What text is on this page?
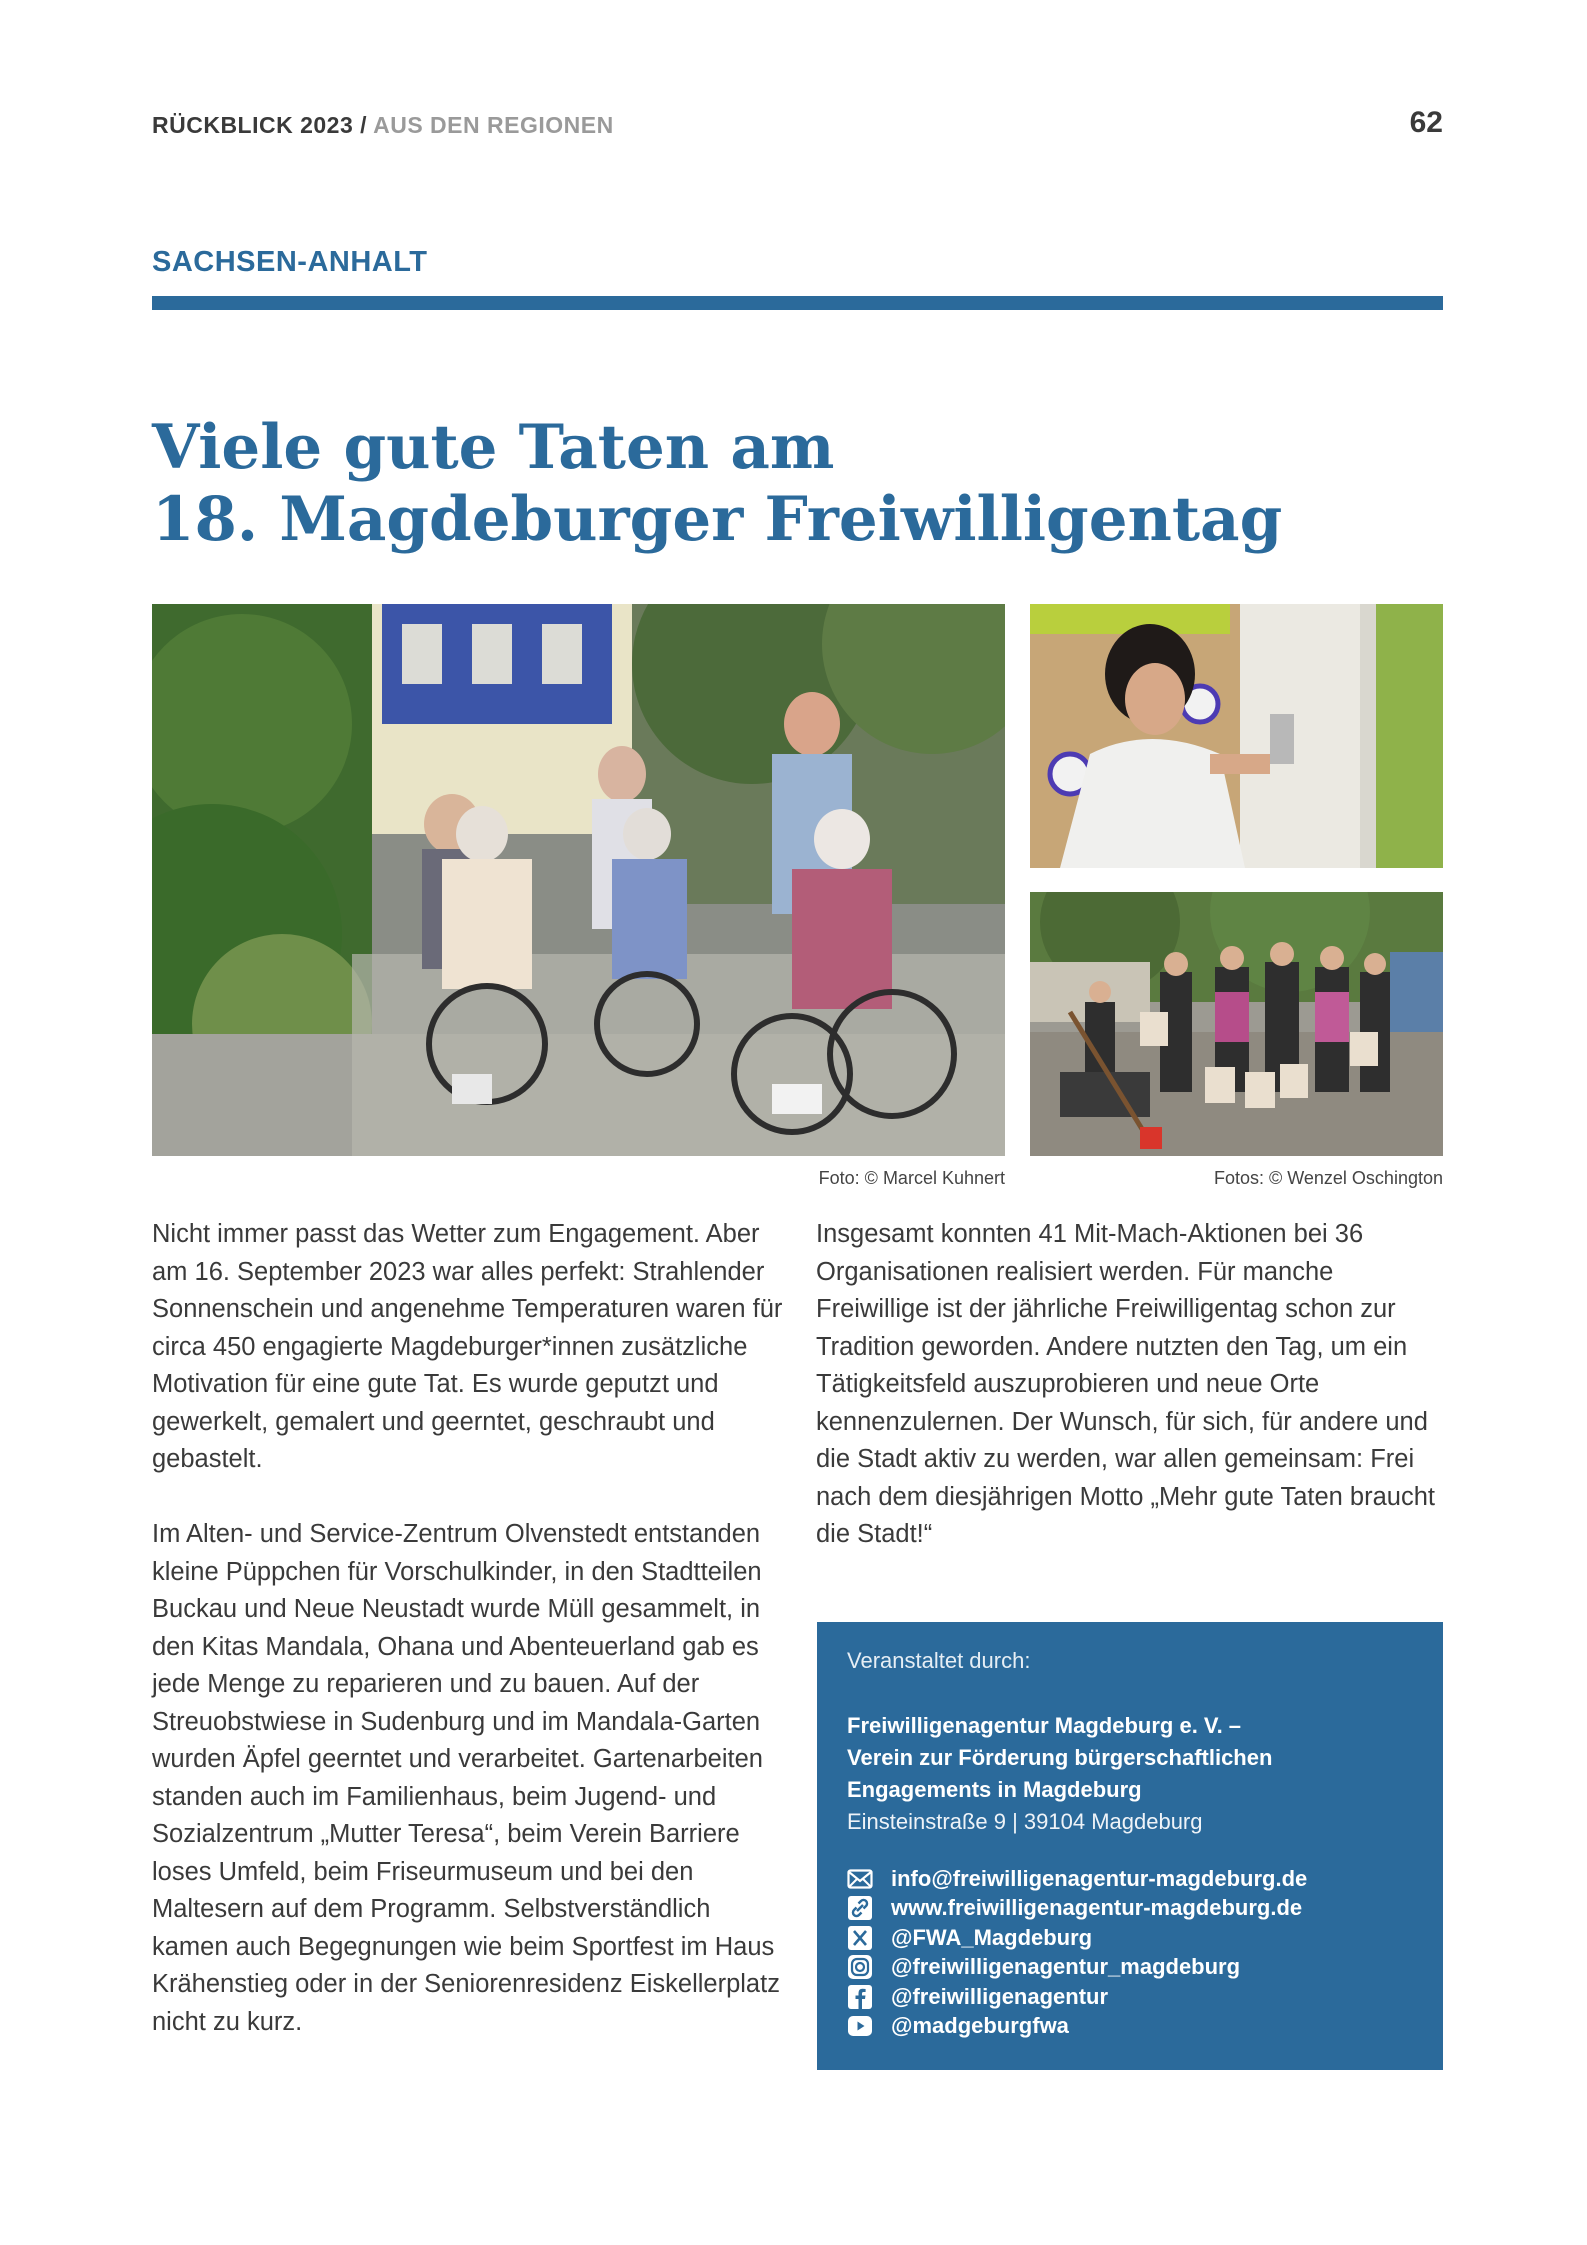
RÜCKBLICK 2023 / AUS DEN REGIONEN	62
SACHSEN-ANHALT
Viele gute Taten am
18. Magdeburger Freiwilligentag
Foto: © Marcel Kuhnert	Fotos: © Wenzel Oschington

Nicht immer passt das Wetter zum Engagement. Aber am 16. September 2023 war alles perfekt: Strahlender Sonnenschein und angenehme Temperaturen waren für circa 450 engagierte Magdeburger*innen zusätzliche Motivation für eine gute Tat. Es wurde geputzt und gewerkelt, gemalert und geerntet, geschraubt und gebastelt.

Im Alten- und Service-Zentrum Olvenstedt entstanden kleine Püppchen für Vorschulkinder, in den Stadtteilen Buckau und Neue Neustadt wurde Müll gesammelt, in den Kitas Mandala, Ohana und Abenteuerland gab es jede Menge zu reparieren und zu bauen. Auf der Streuobstwiese in Sudenburg und im Mandala-Garten wurden Äpfel geerntet und verarbeitet. Gartenarbeiten standen auch im Familienhaus, beim Jugend- und Sozialzentrum „Mutter Teresa“, beim Verein Barriere loses Umfeld, beim Friseurmuseum und bei den Maltesern auf dem Programm. Selbstverständlich kamen auch Begegnungen wie beim Sportfest im Haus Krähenstieg oder in der Seniorenresidenz Eiskellerplatz nicht zu kurz.

Insgesamt konnten 41 Mit-Mach-Aktionen bei 36 Organisationen realisiert werden. Für manche Freiwillige ist der jährliche Freiwilligentag schon zur Tradition geworden. Andere nutzten den Tag, um ein Tätigkeitsfeld auszuprobieren und neue Orte kennenzulernen. Der Wunsch, für sich, für andere und die Stadt aktiv zu werden, war allen gemeinsam: Frei nach dem diesjährigen Motto „Mehr gute Taten braucht die Stadt!“

Veranstaltet durch:

Freiwilligenagentur Magdeburg e. V. –

Verein zur Förderung bürgerschaftlichen

Engagements in Magdeburg

Einsteinstraße 9 | 39104 Magdeburg

info@freiwilligenagentur-magdeburg.de
www.freiwilligenagentur-magdeburg.de
@FWA_Magdeburg
@freiwilligenagentur_magdeburg
@freiwilligenagentur
@madgeburgfwa
